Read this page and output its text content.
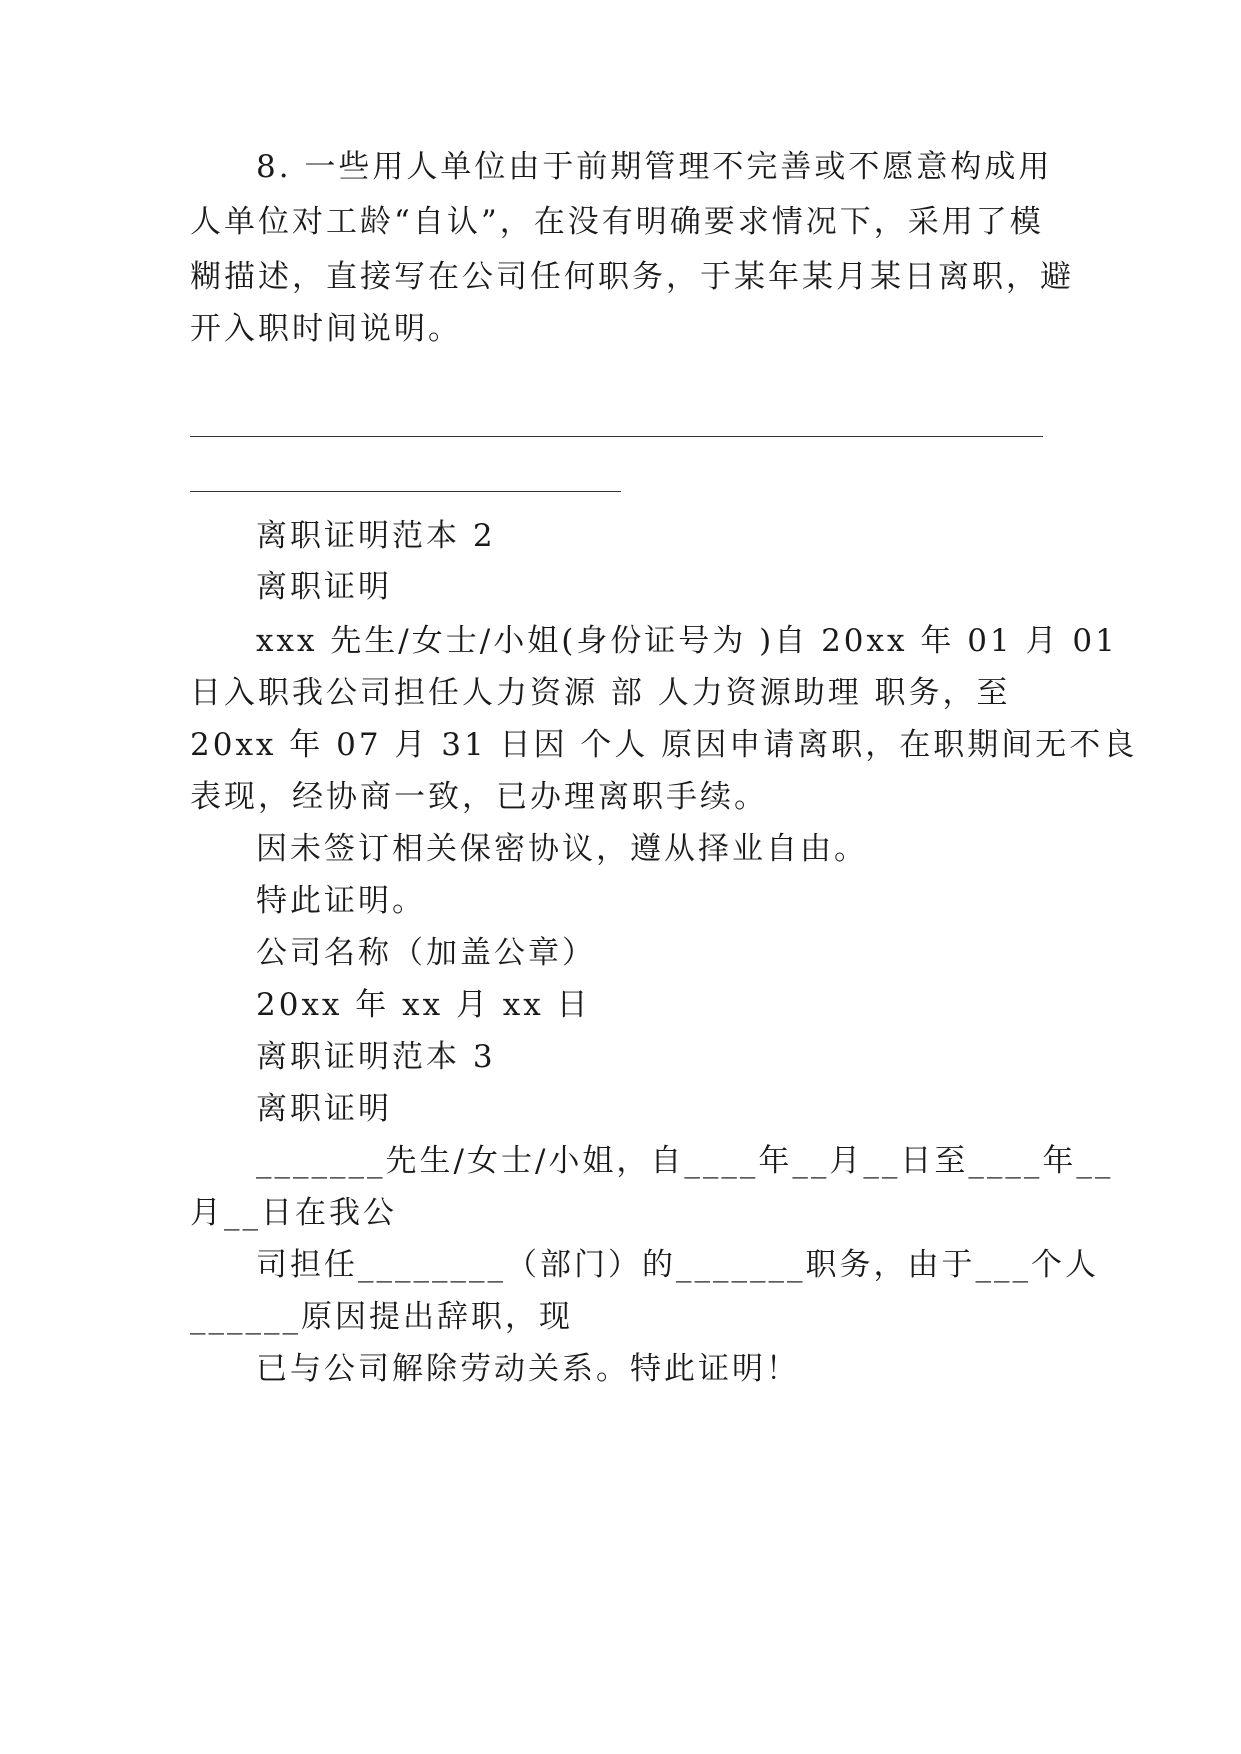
8. 一些用人单位由于前期管理不完善或不愿意构成用
人单位对工龄“自认”，在没有明确要求情况下，采用了模
糊描述，直接写在公司任何职务，于某年某月某日离职，避
开入职时间说明。
离职证明范本 2
离职证明
xxx 先生/女士/小姐(身份证号为 )自 20xx 年 01 月 01
日入职我公司担任人力资源 部 人力资源助理 职务，至
20xx 年 07 月 31 日因 个人 原因申请离职，在职期间无不良
表现，经协商一致，已办理离职手续。
因未签订相关保密协议，遵从择业自由。
特此证明。
公司名称（加盖公章）
20xx 年 xx 月 xx 日
离职证明范本 3
离职证明
_______先生/女士/小姐，自____年__月__日至____年__
月__日在我公
司担任________（部门）的_______职务，由于___个人
______原因提出辞职，现
已与公司解除劳动关系。特此证明！
